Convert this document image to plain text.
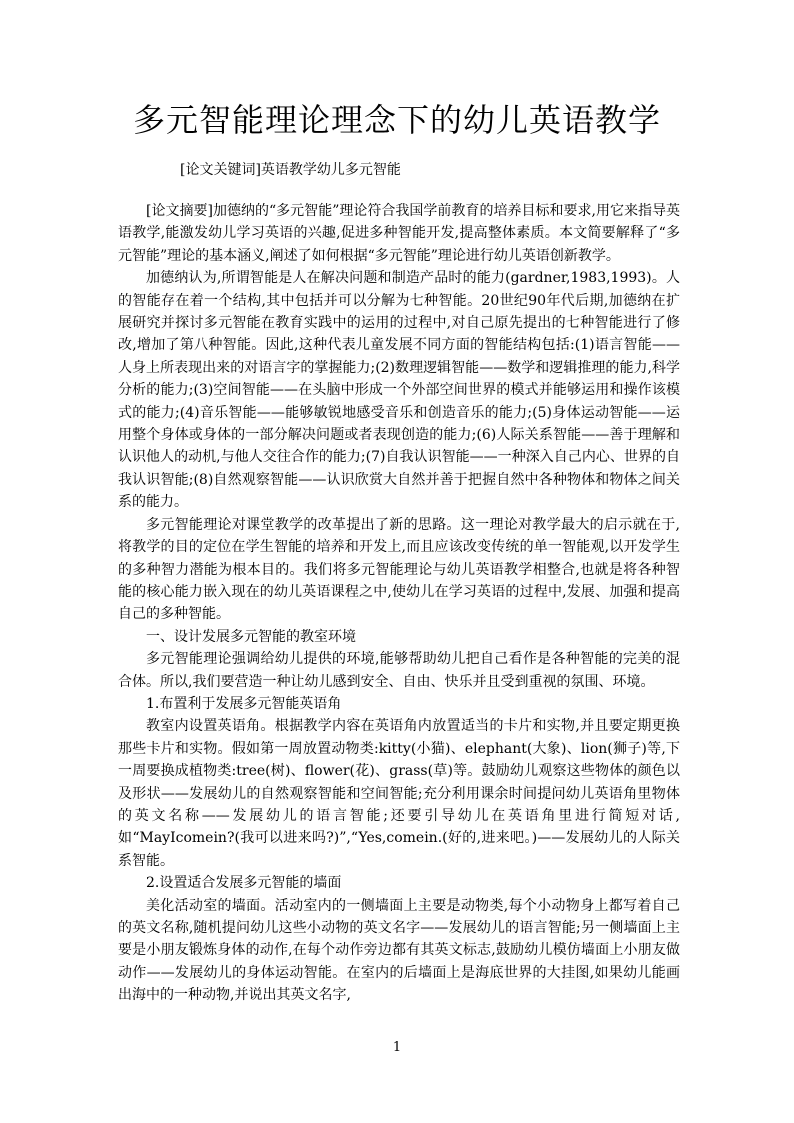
多元智能理论理念下的幼儿英语教学
[论文关键词]英语教学幼儿多元智能

[论文摘要]加德纳的“多元智能”理论符合我国学前教育的培养目标和要求,用它来指导英语教学,能激发幼儿学习英语的兴趣,促进多种智能开发,提高整体素质。本文简要解释了“多元智能”理论的基本涵义,阐述了如何根据“多元智能”理论进行幼儿英语创新教学。

加德纳认为,所谓智能是人在解决问题和制造产品时的能力(gardner,1983,1993)。人的智能存在着一个结构,其中包括并可以分解为七种智能。20世纪90年代后期,加德纳在扩展研究并探讨多元智能在教育实践中的运用的过程中,对自己原先提出的七种智能进行了修改,增加了第八种智能。因此,这种代表儿童发展不同方面的智能结构包括:(1)语言智能——人身上所表现出来的对语言字的掌握能力;(2)数理逻辑智能——数学和逻辑推理的能力,科学分析的能力;(3)空间智能——在头脑中形成一个外部空间世界的模式并能够运用和操作该模式的能力;(4)音乐智能——能够敏锐地感受音乐和创造音乐的能力;(5)身体运动智能——运用整个身体或身体的一部分解决问题或者表现创造的能力;(6)人际关系智能——善于理解和认识他人的动机,与他人交往合作的能力;(7)自我认识智能——一种深入自己内心、世界的自我认识智能;(8)自然观察智能——认识欣赏大自然并善于把握自然中各种物体和物体之间关系的能力。

多元智能理论对课堂教学的改革提出了新的思路。这一理论对教学最大的启示就在于,将教学的目的定位在学生智能的培养和开发上,而且应该改变传统的单一智能观,以开发学生的多种智力潜能为根本目的。我们将多元智能理论与幼儿英语教学相整合,也就是将各种智能的核心能力嵌入现在的幼儿英语课程之中,使幼儿在学习英语的过程中,发展、加强和提高自己的多种智能。

一、设计发展多元智能的教室环境

多元智能理论强调给幼儿提供的环境,能够帮助幼儿把自己看作是各种智能的完美的混合体。所以,我们要营造一种让幼儿感到安全、自由、快乐并且受到重视的氛围、环境。

1.布置利于发展多元智能英语角

教室内设置英语角。根据教学内容在英语角内放置适当的卡片和实物,并且要定期更换那些卡片和实物。假如第一周放置动物类:kitty(小猫)、elephant(大象)、lion(狮子)等,下一周要换成植物类:tree(树)、flower(花)、grass(草)等。鼓励幼儿观察这些物体的颜色以及形状——发展幼儿的自然观察智能和空间智能;充分利用课余时间提问幼儿英语角里物体的英文名称——发展幼儿的语言智能;还要引导幼儿在英语角里进行简短对话,如“MayIcomein?(我可以进来吗?)”,“Yes,comein.(好的,进来吧。)——发展幼儿的人际关系智能。

2.设置适合发展多元智能的墙面

美化活动室的墙面。活动室内的一侧墙面上主要是动物类,每个小动物身上都写着自己的英文名称,随机提问幼儿这些小动物的英文名字——发展幼儿的语言智能;另一侧墙面上主要是小朋友锻炼身体的动作,在每个动作旁边都有其英文标志,鼓励幼儿模仿墙面上小朋友做动作——发展幼儿的身体运动智能。在室内的后墙面上是海底世界的大挂图,如果幼儿能画出海中的一种动物,并说出其英文名字,

1
